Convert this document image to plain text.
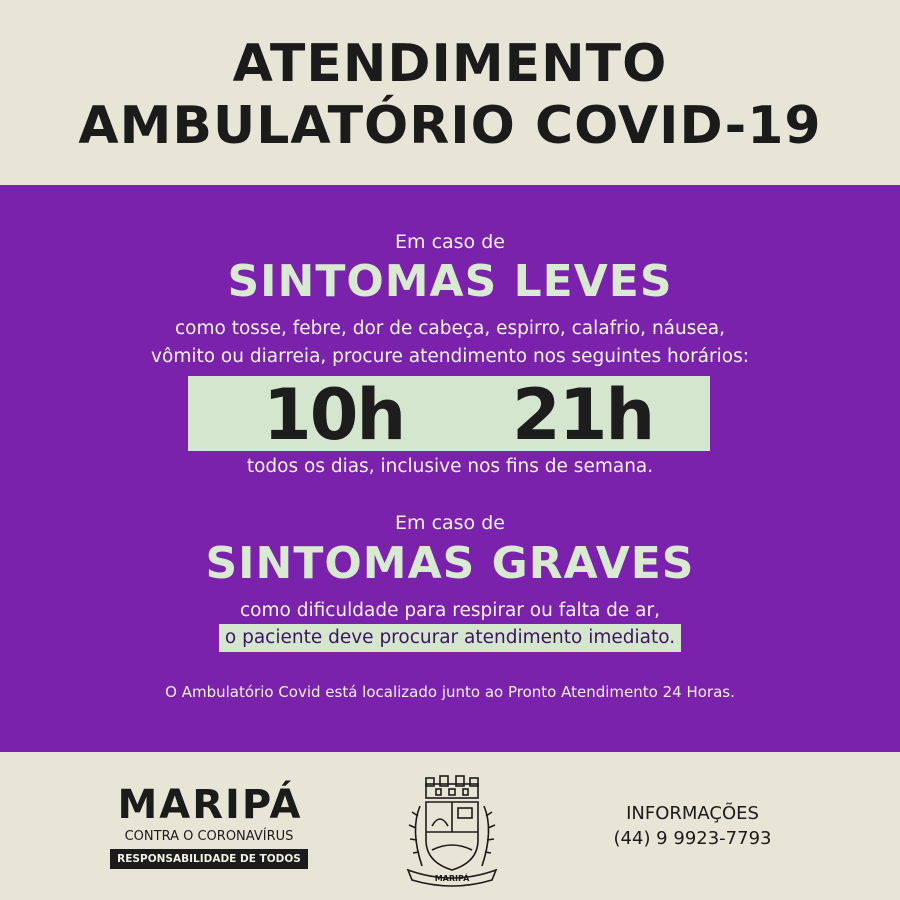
ATENDIMENTO
AMBULATÓRIO COVID-19
Em caso de
SINTOMAS LEVES
como tosse, febre, dor de cabeça, espirro, calafrio, náusea,
vômito ou diarreia, procure atendimento nos seguintes horários:
10h 21h
todos os dias, inclusive nos fins de semana.
Em caso de
SINTOMAS GRAVES
como dificuldade para respirar ou falta de ar,
o paciente deve procurar atendimento imediato.
O Ambulatório Covid está localizado junto ao Pronto Atendimento 24 Horas.
MARIPÁ
CONTRA O CORONAVÍRUS
RESPONSABILIDADE DE TODOS
MARIPÁ
INFORMAÇÕES
(44) 9 9923-7793
